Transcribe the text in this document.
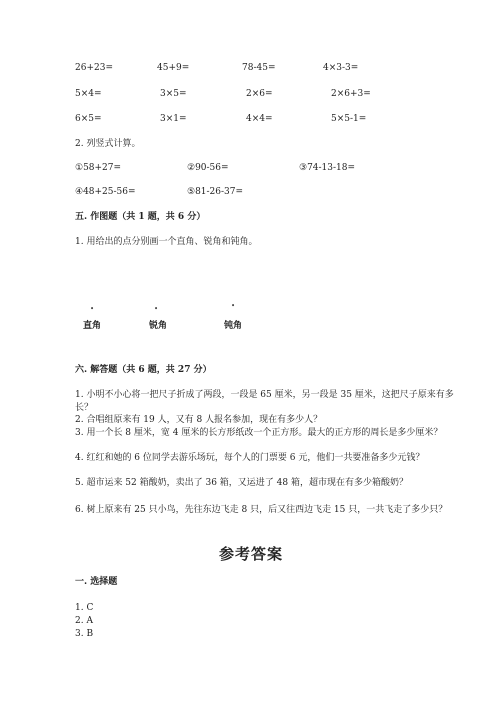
26+23=	45+9=	78-45=	4×3-3=
5×4=	3×5=	2×6=	2×6+3=
6×5=	3×1=	4×4=	5×5-1=
2. 列竖式计算。
①58+27=	②90-56=	③74-13-18=
④48+25-56=	⑤81-26-37=
五. 作图题（共 1 题，共 6 分）
1. 用给出的点分别画一个直角、锐角和钝角。
•	•	•
直角	锐角	钝角
六. 解答题（共 6 题，共 27 分）
1. 小明不小心将一把尺子折成了两段，一段是 65 厘米，另一段是 35 厘米，这把尺子原来有多长？
2. 合唱组原来有 19 人，又有 8 人报名参加，现在有多少人？
3. 用一个长 8 厘米，宽 4 厘米的长方形纸改一个正方形。最大的正方形的周长是多少厘米？
4. 红红和她的 6 位同学去游乐场玩，每个人的门票要 6 元，他们一共要准备多少元钱？
5. 超市运来 52 箱酸奶，卖出了 36 箱，又运进了 48 箱，超市现在有多少箱酸奶？
6. 树上原来有 25 只小鸟，先往东边飞走 8 只，后又往西边飞走 15 只，一共飞走了多少只？
参考答案
一. 选择题
1. C
2. A
3. B
